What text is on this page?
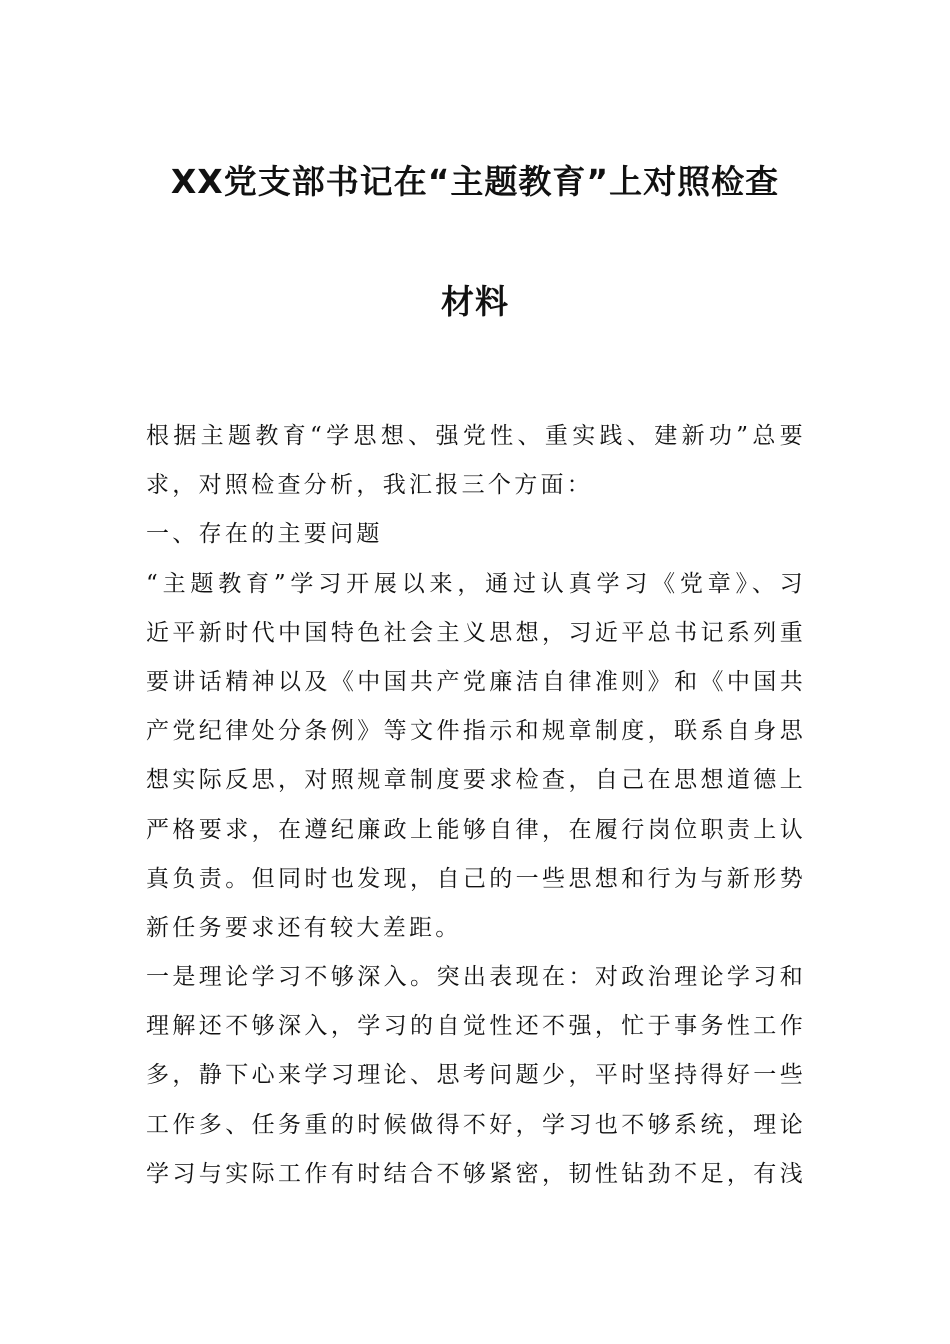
XX党支部书记在“主题教育”上对照检查
材料
根据主题教育“学思想、强党性、重实践、建新功”总要
求，对照检查分析，我汇报三个方面：
一、存在的主要问题
“主题教育”学习开展以来，通过认真学习《党章》、习
近平新时代中国特色社会主义思想，习近平总书记系列重
要讲话精神以及《中国共产党廉洁自律准则》和《中国共
产党纪律处分条例》等文件指示和规章制度，联系自身思
想实际反思，对照规章制度要求检查，自己在思想道德上
严格要求，在遵纪廉政上能够自律，在履行岗位职责上认
真负责。但同时也发现，自己的一些思想和行为与新形势
新任务要求还有较大差距。
一是理论学习不够深入。突出表现在：对政治理论学习和
理解还不够深入，学习的自觉性还不强，忙于事务性工作
多，静下心来学习理论、思考问题少，平时坚持得好一些
工作多、任务重的时候做得不好，学习也不够系统，理论
学习与实际工作有时结合不够紧密，韧性钻劲不足，有浅
